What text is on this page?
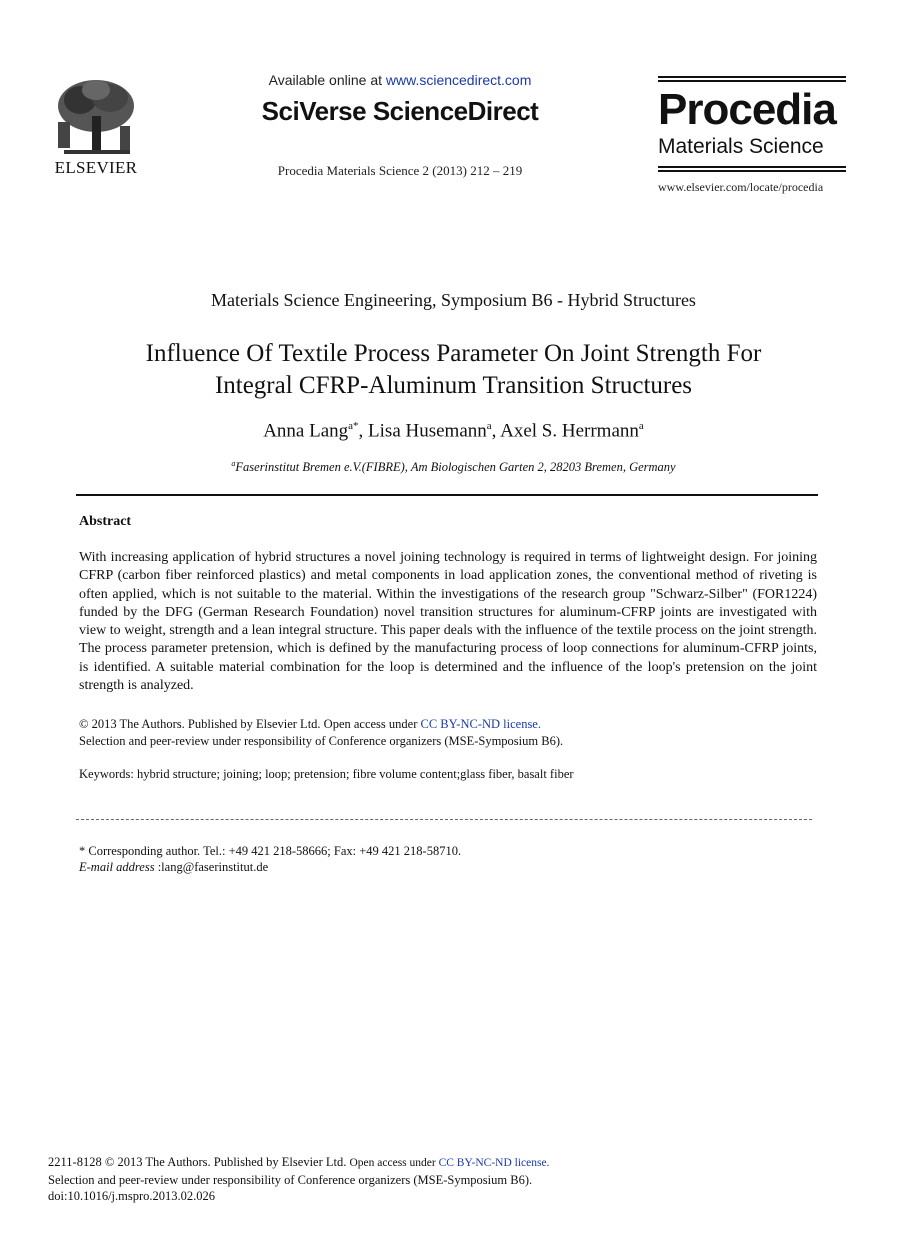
ELSEVIER
Available online at www.sciencedirect.com
SciVerse ScienceDirect
Procedia Materials Science 2 (2013) 212 – 219
Procedia
Materials Science
www.elsevier.com/locate/procedia
Materials Science Engineering, Symposium B6 - Hybrid Structures
Influence Of Textile Process Parameter On Joint Strength For
Integral CFRP-Aluminum Transition Structures
Anna Lang$^{a*}$, Lisa Husemann$^a$, Axel S. Herrmann$^a$
$^a$Faserinstitut Bremen e.V.(FIBRE), Am Biologischen Garten 2, 28203 Bremen, Germany
Abstract
With increasing application of hybrid structures a novel joining technology is required in terms of lightweight design. For joining CFRP (carbon fiber reinforced plastics) and metal components in load application zones, the conventional method of riveting is often applied, which is not suitable to the material. Within the investigations of the research group "Schwarz-Silber" (FOR1224) funded by the DFG (German Research Foundation) novel transition structures for aluminum-CFRP joints are investigated with view to weight, strength and a lean integral structure. This paper deals with the influence of the textile process on the joint strength. The process parameter pretension, which is defined by the manufacturing process of loop connections for aluminum-CFRP joints, is identified. A suitable material combination for the loop is determined and the influence of the loop's pretension on the joint strength is analyzed.
© 2013 The Authors. Published by Elsevier Ltd. Open access under CC BY-NC-ND license.
Selection and peer-review under responsibility of Conference organizers (MSE-Symposium B6).
Keywords: hybrid structure; joining; loop; pretension; fibre volume content;glass fiber, basalt fiber
* Corresponding author. Tel.: +49 421 218-58666; Fax: +49 421 218-58710.
E-mail address :lang@faserinstitut.de
2211-8128 © 2013 The Authors. Published by Elsevier Ltd. Open access under CC BY-NC-ND license.
Selection and peer-review under responsibility of Conference organizers (MSE-Symposium B6).
doi:10.1016/j.mspro.2013.02.026
